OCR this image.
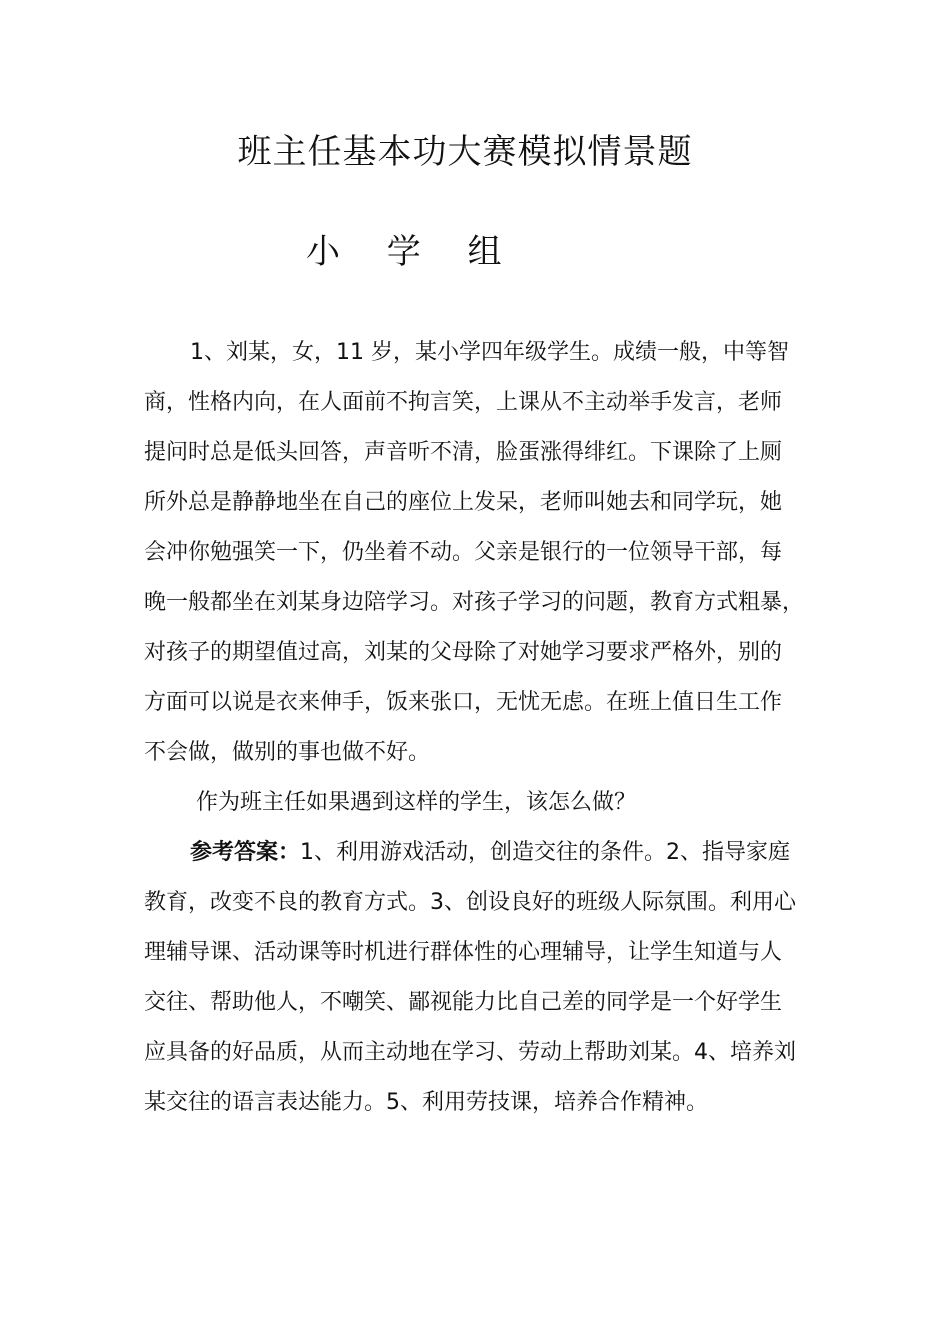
班主任基本功大赛模拟情景题
小 学 组
1、刘某，女，11 岁，某小学四年级学生。成绩一般，中等智
商，性格内向，在人面前不拘言笑，上课从不主动举手发言，老师
提问时总是低头回答，声音听不清，脸蛋涨得绯红。下课除了上厕
所外总是静静地坐在自己的座位上发呆，老师叫她去和同学玩，她
会冲你勉强笑一下，仍坐着不动。父亲是银行的一位领导干部，每
晚一般都坐在刘某身边陪学习。对孩子学习的问题，教育方式粗暴，
对孩子的期望值过高，刘某的父母除了对她学习要求严格外，别的
方面可以说是衣来伸手，饭来张口，无忧无虑。在班上值日生工作
不会做，做别的事也做不好。
作为班主任如果遇到这样的学生，该怎么做？
参考答案：1、利用游戏活动，创造交往的条件。2、指导家庭
教育，改变不良的教育方式。3、创设良好的班级人际氛围。利用心
理辅导课、活动课等时机进行群体性的心理辅导，让学生知道与人
交往、帮助他人，不嘲笑、鄙视能力比自己差的同学是一个好学生
应具备的好品质，从而主动地在学习、劳动上帮助刘某。4、培养刘
某交往的语言表达能力。5、利用劳技课，培养合作精神。
